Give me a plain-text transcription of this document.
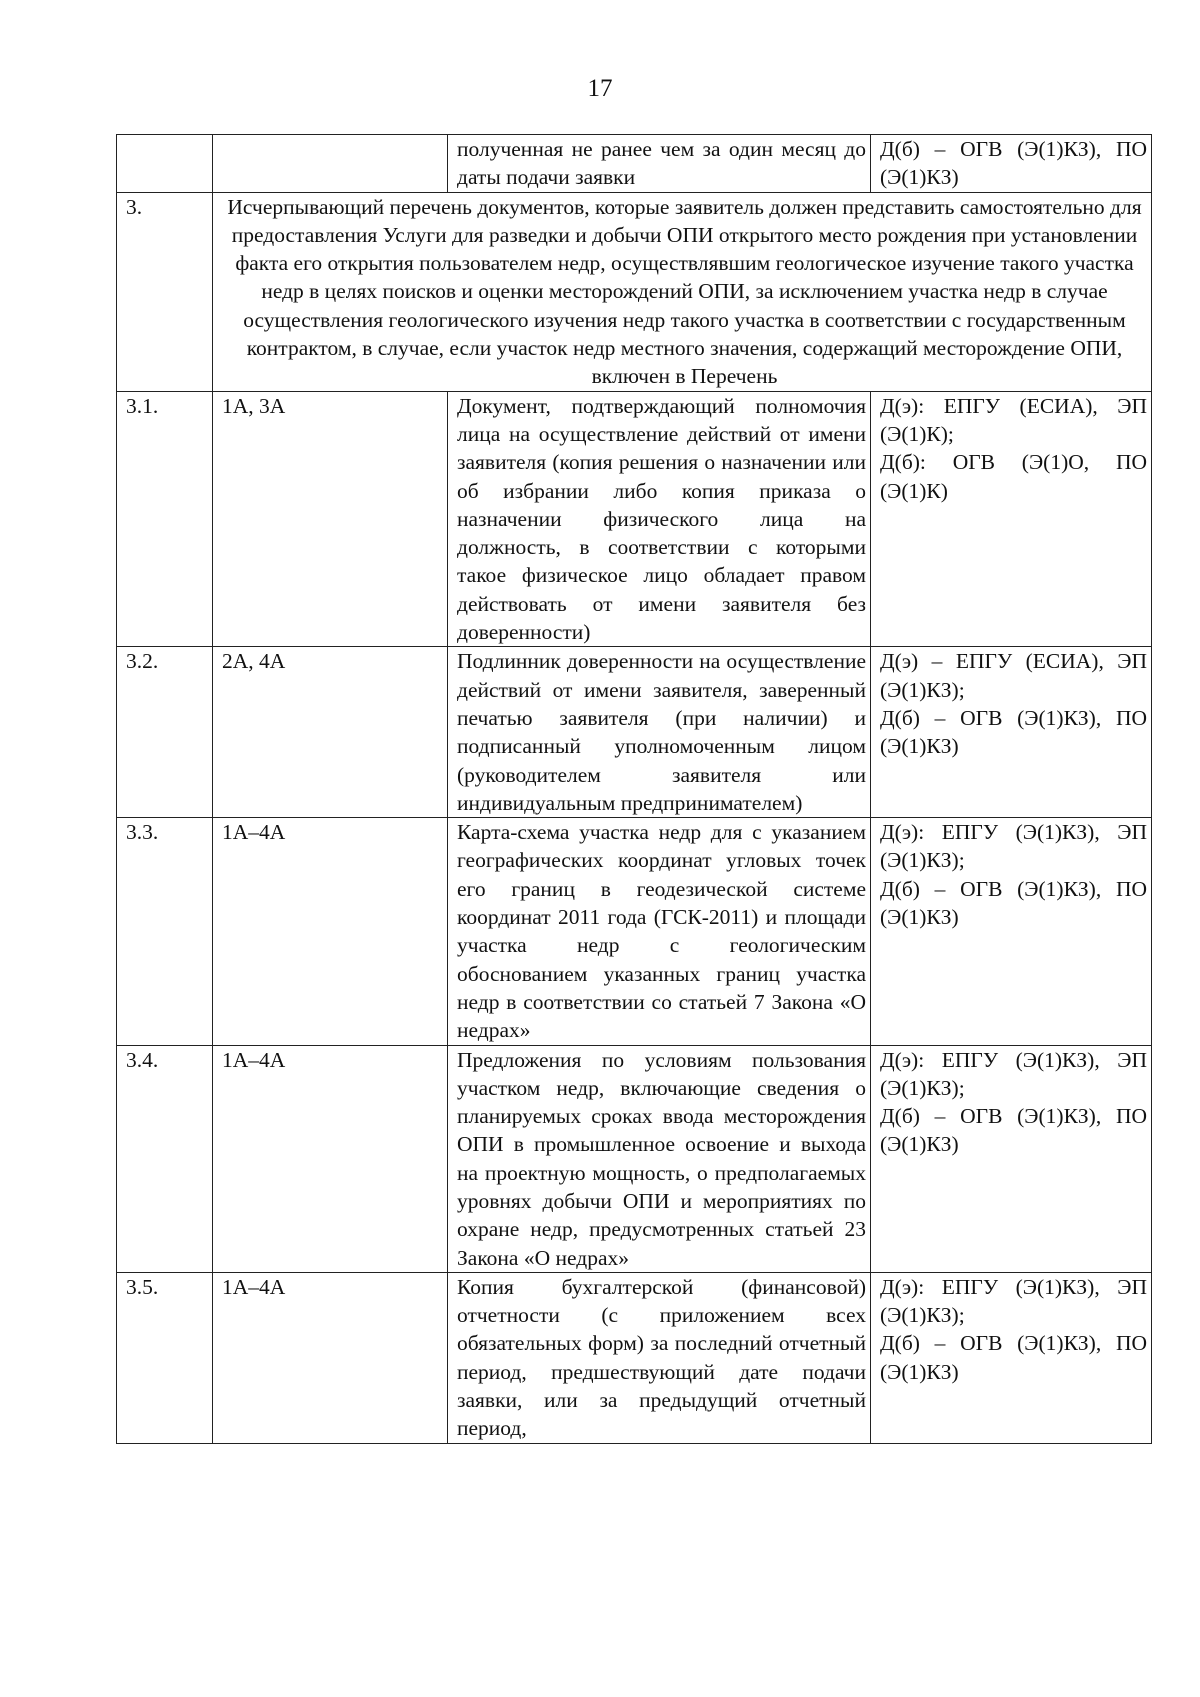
17
		полученная не ранее чем за один месяц до даты подачи заявки	Д(б) – ОГВ (Э(1)КЗ), ПО (Э(1)КЗ)
3.	Исчерпывающий перечень документов, которые заявитель должен представить самостоятельно для предоставления Услуги для разведки и добычи ОПИ открытого место рождения при установлении факта его открытия пользователем недр, осуществлявшим геологическое изучение такого участка недр в целях поисков и оценки месторождений ОПИ, за исключением участка недр в случае осуществления геологического изучения недр такого участка в соответствии с государственным контрактом, в случае, если участок недр местного значения, содержащий месторождение ОПИ, включен в Перечень		
3.1.	1А, 3А	Документ, подтверждающий полномочия лица на осуществление действий от имени заявителя (копия решения о назначении или об избрании либо копия приказа о назначении физического лица на должность, в соответствии с которыми такое физическое лицо обладает правом действовать от имени заявителя без доверенности)	Д(э): ЕПГУ (ЕСИА), ЭП (Э(1)К);
Д(б): ОГВ (Э(1)О, ПО (Э(1)К)

3.2.	2А, 4А	Подлинник доверенности на осуществление действий от имени заявителя, заверенный печатью заявителя (при наличии) и подписанный уполномоченным лицом (руководителем заявителя или индивидуальным предпринимателем)	Д(э) – ЕПГУ (ЕСИА), ЭП (Э(1)КЗ);
Д(б) – ОГВ (Э(1)КЗ), ПО (Э(1)КЗ)

3.3.	1А–4А	Карта-схема участка недр для с указанием географических координат угловых точек его границ в геодезической системе координат 2011 года (ГСК-2011) и площади участка недр с геологическим обоснованием указанных границ участка недр в соответствии со статьей 7 Закона «О недрах»	Д(э): ЕПГУ (Э(1)КЗ), ЭП (Э(1)КЗ);
Д(б) – ОГВ (Э(1)КЗ), ПО (Э(1)КЗ)

3.4.	1А–4А	Предложения по условиям пользования участком недр, включающие сведения о планируемых сроках ввода месторождения ОПИ в промышленное освоение и выхода на проектную мощность, о предполагаемых уровнях добычи ОПИ и мероприятиях по охране недр, предусмотренных статьей 23 Закона «О недрах»	Д(э): ЕПГУ (Э(1)КЗ), ЭП (Э(1)КЗ);
Д(б) – ОГВ (Э(1)КЗ), ПО (Э(1)КЗ)

3.5.	1А–4А	Копия бухгалтерской (финансовой) отчетности (с приложением всех обязательных форм) за последний отчетный период, предшествующий дате подачи заявки, или за предыдущий отчетный период,	Д(э): ЕПГУ (Э(1)КЗ), ЭП (Э(1)КЗ);
Д(б) – ОГВ (Э(1)КЗ), ПО (Э(1)КЗ)
